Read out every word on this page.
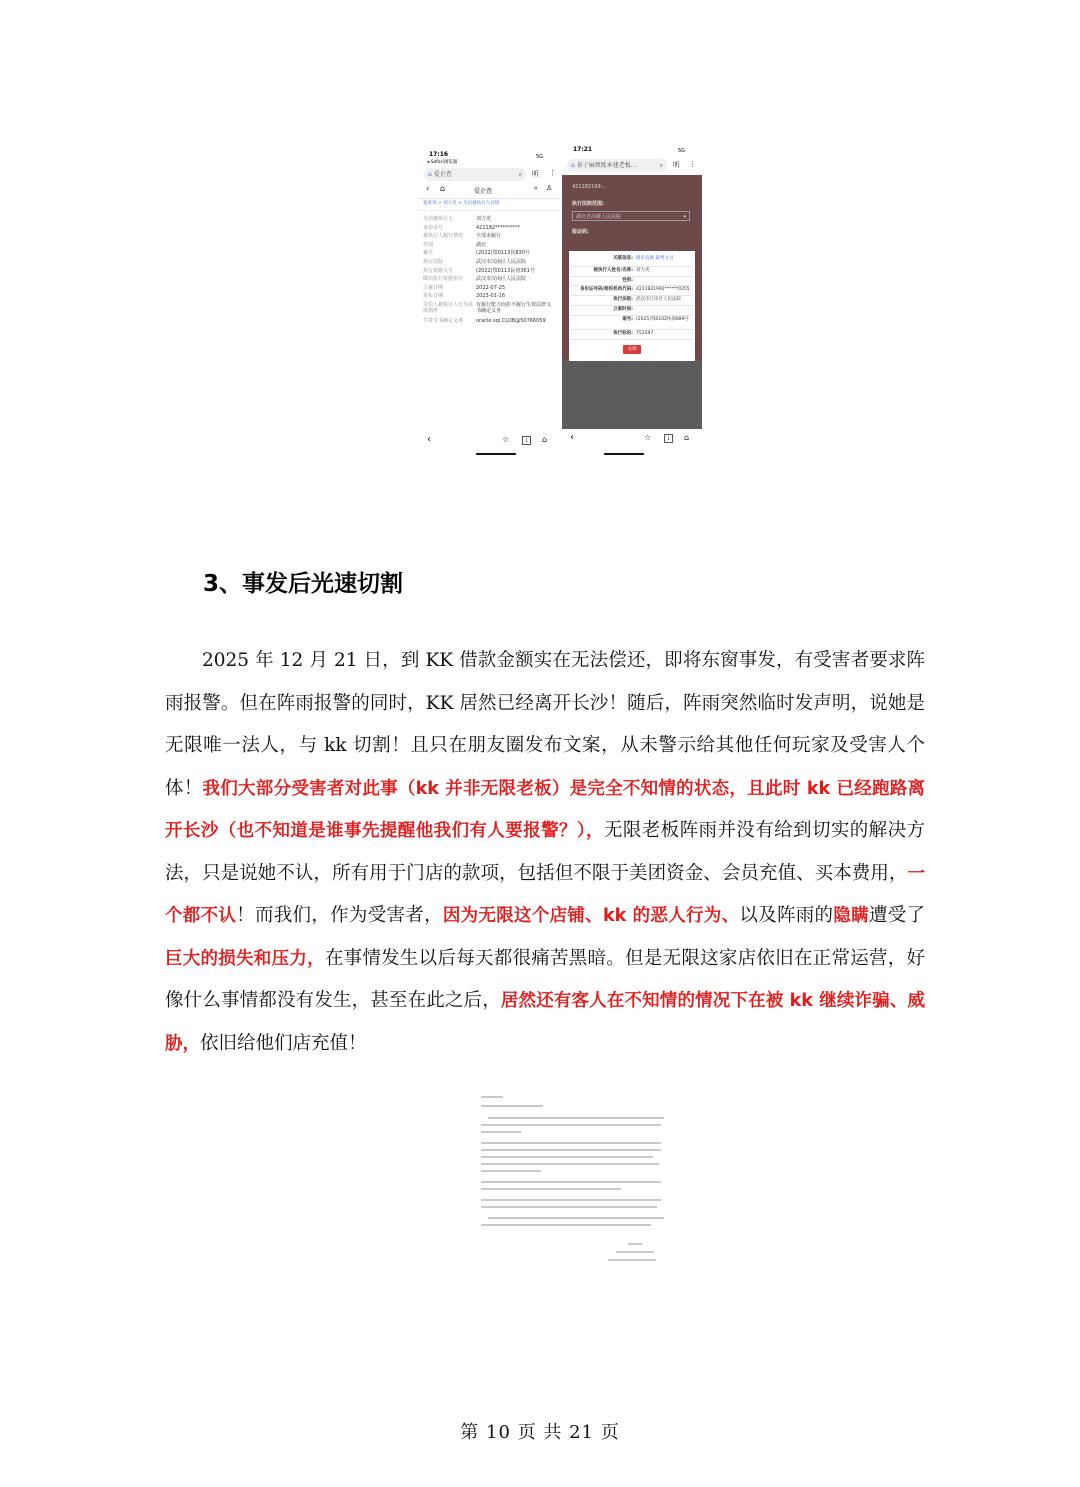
17:16
◂ Safari浏览器
5G
⌂ 爱企查	⌕ 听 ⋮
‹ ⌂	爱企查	⌕ ♙
爱查询 > 刘力吏 > 失信被执行人详情
失信被执行人	刘力吏
身份证号	421182**********
被执行人履行情况	全部未履行
性别	湖北
案号	(2022)鄂0113执830号
执行法院	武汉市汉南区人民法院
执行依据文号	(2022)鄂0113民初361号
做出执行依据单位	武汉市汉南区人民法院
立案日期	2022-07-25
发布日期	2023-01-16
失信人被执行人行为具体情形
有履行能力而拒不履行生效法律文书确定义务
生效文书确定义务	oracle.sql.CLOB@50766059
‹	☆	1	⌂
17:21	5G
⌂ 景子麻烦账本建老板...	⌕ 听 ⋮
421182199...
执行法院范围:
湖北省高级人民法院	▾
验证码:
关联信息: 限审直播 最判文书
被执行人姓名/名称: 刘力吏
性别:
身份证号码/组织机构代码: 4211821992******0355
执行法院: 武汉市江岸区人民法院
立案时间:
案号: (2025)鄂0102执保889号
执行标的: 753597
关闭
‹	☆	1	⌂
3、事发后光速切割

2025 年 12 月 21 日，到 KK 借款金额实在无法偿还，即将东窗事发，有受害者要求阵雨报警。但在阵雨报警的同时，KK 居然已经离开长沙！随后，阵雨突然临时发声明，说她是无限唯一法人，与 kk 切割！且只在朋友圈发布文案，从未警示给其他任何玩家及受害人个体！我们大部分受害者对此事（kk 并非无限老板）是完全不知情的状态，且此时 kk 已经跑路离开长沙（也不知道是谁事先提醒他我们有人要报警？），无限老板阵雨并没有给到切实的解决方法，只是说她不认，所有用于门店的款项，包括但不限于美团资金、会员充值、买本费用，一个都不认！而我们，作为受害者，因为无限这个店铺、kk 的恶人行为、以及阵雨的隐瞒遭受了巨大的损失和压力，在事情发生以后每天都很痛苦黑暗。但是无限这家店依旧在正常运营，好像什么事情都没有发生，甚至在此之后，居然还有客人在不知情的情况下在被 kk 继续诈骗、威胁，依旧给他们店充值！

第 10 页 共 21 页
